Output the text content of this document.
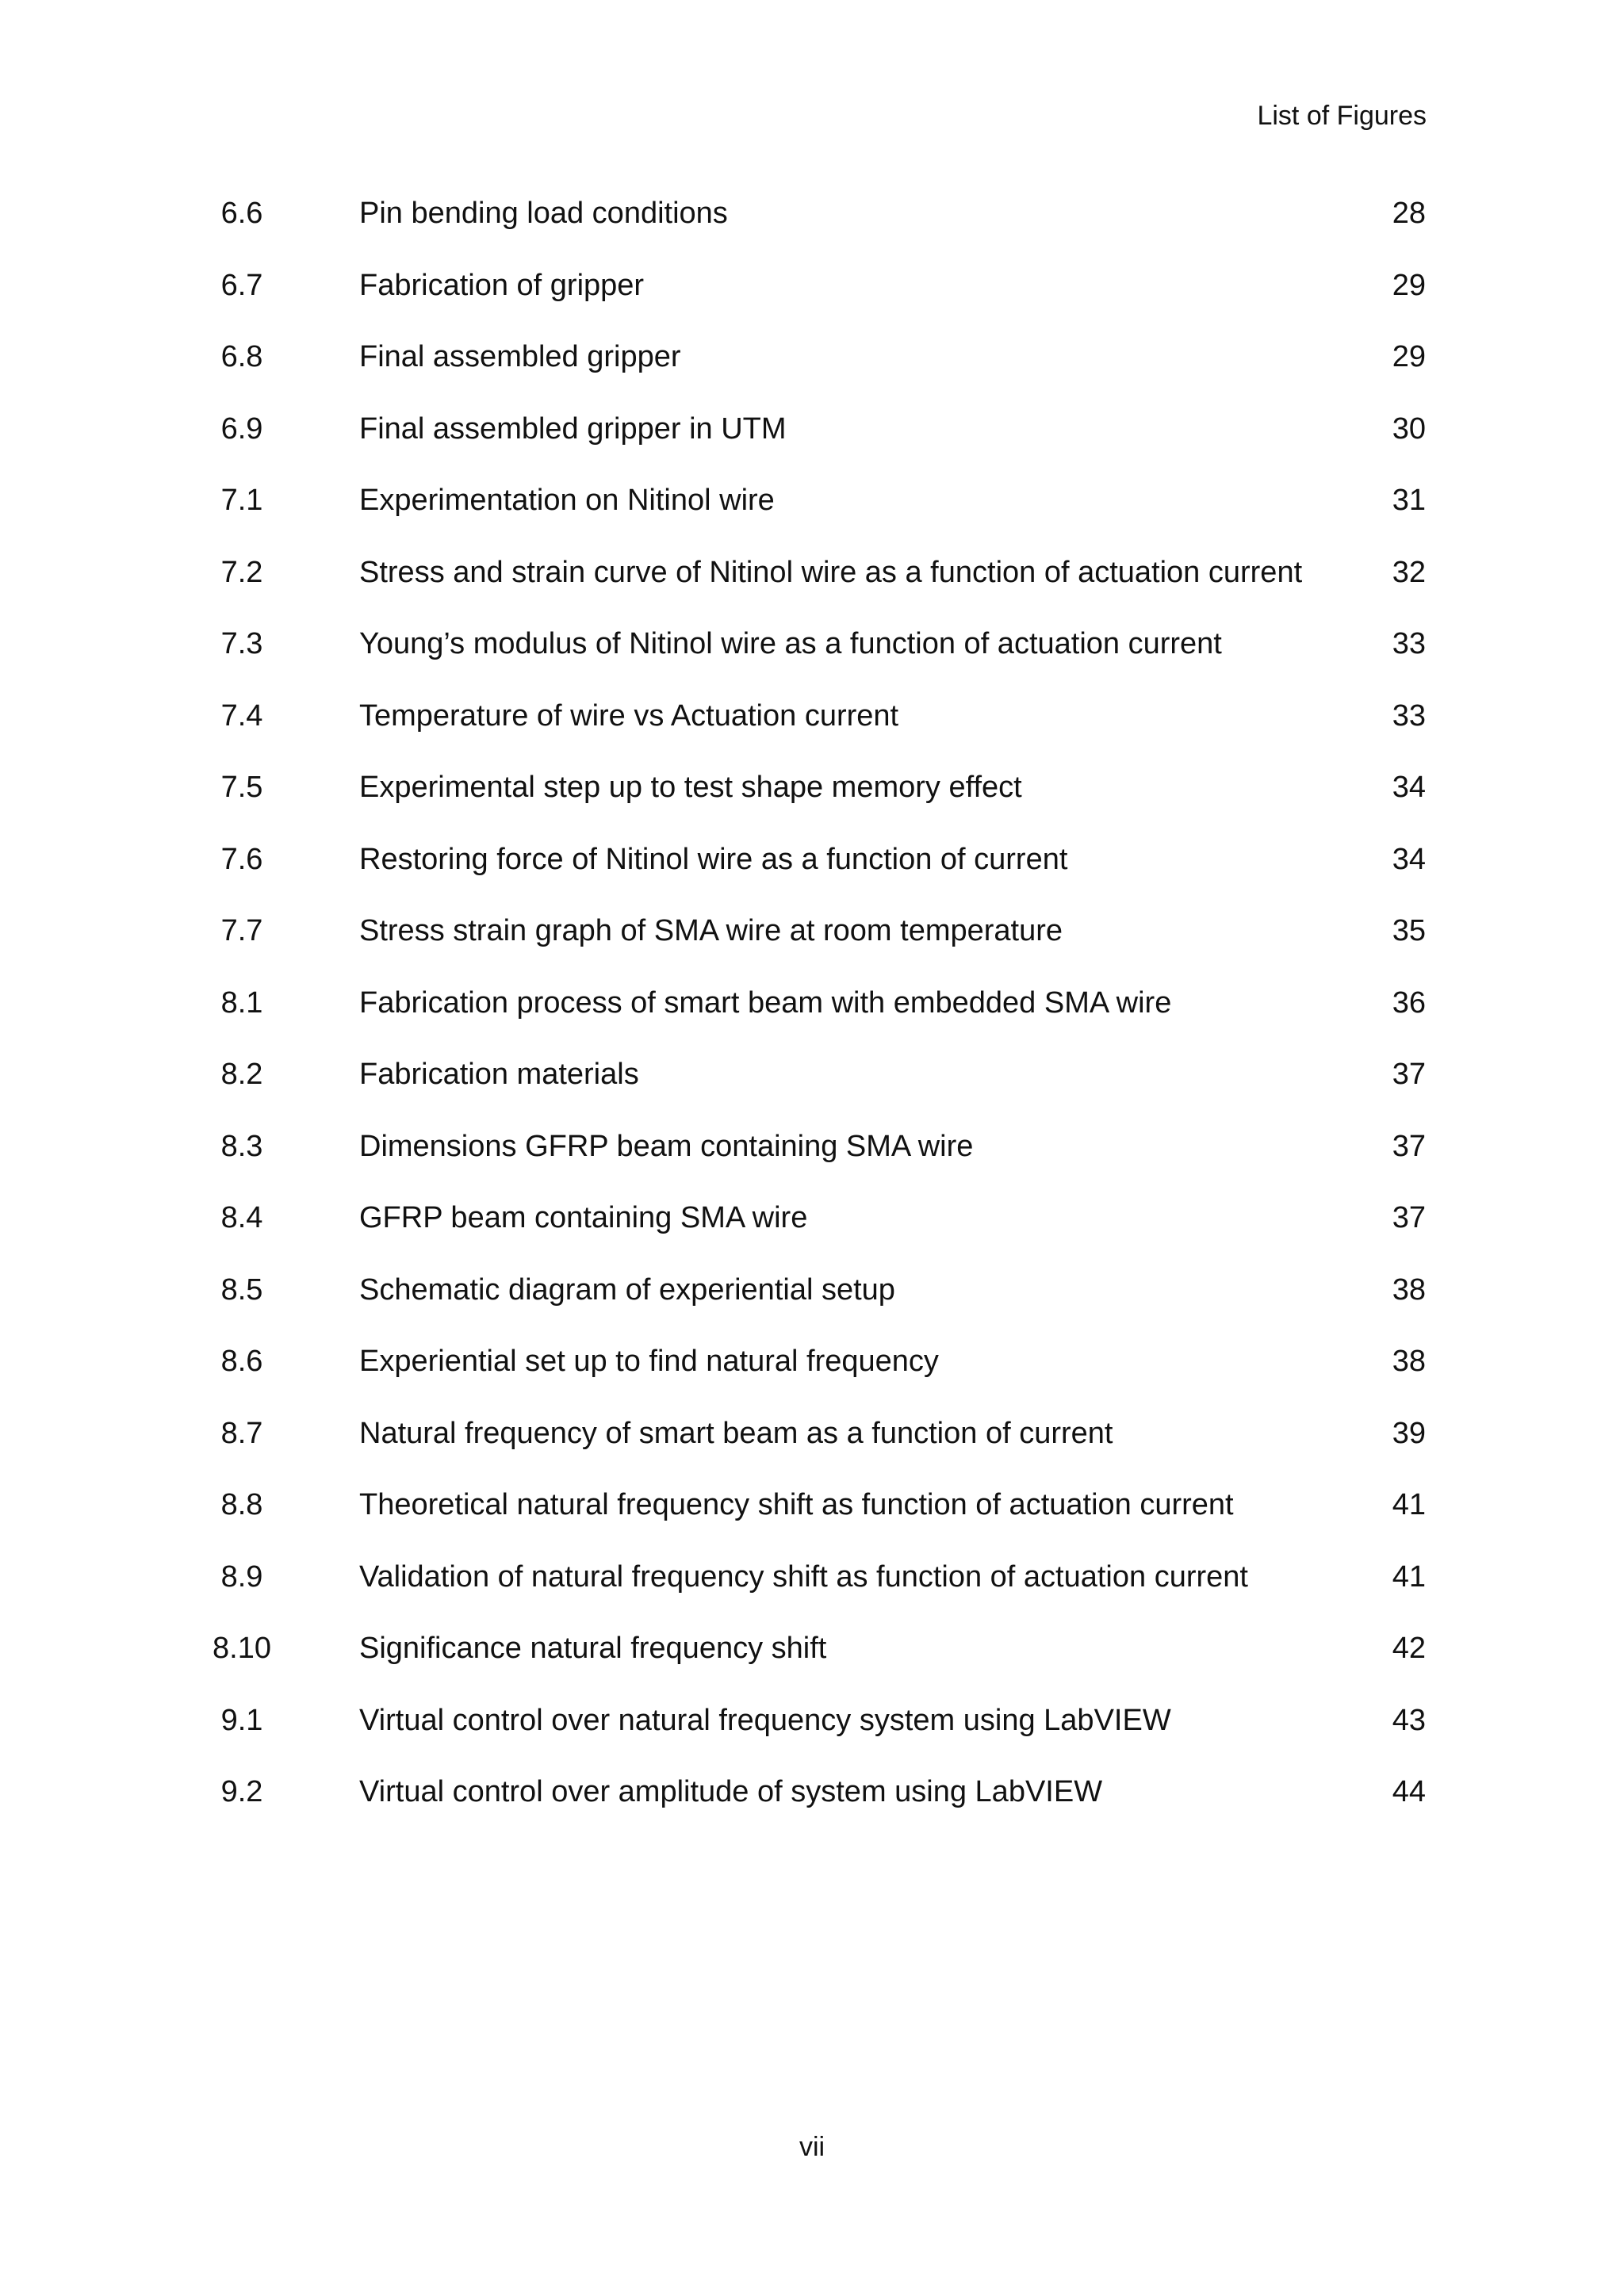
List of Figures
6.6	Pin bending load conditions	28
6.7	Fabrication of gripper	29
6.8	Final assembled gripper	29
6.9	Final assembled gripper in UTM	30
7.1	Experimentation on Nitinol wire	31
7.2	Stress and strain curve of Nitinol wire as a function of actuation current	32
7.3	Young’s modulus of Nitinol wire as a function of actuation current	33
7.4	Temperature of wire vs Actuation current	33
7.5	Experimental step up to test shape memory effect	34
7.6	Restoring force of Nitinol wire as a function of current	34
7.7	Stress strain graph of SMA wire at room temperature	35
8.1	Fabrication process of smart beam with embedded SMA wire	36
8.2	Fabrication materials	37
8.3	Dimensions GFRP beam containing SMA wire	37
8.4	GFRP beam containing SMA wire	37
8.5	Schematic diagram of experiential setup	38
8.6	Experiential set up to find natural frequency	38
8.7	Natural frequency of smart beam as a function of current	39
8.8	Theoretical natural frequency shift as function of actuation current	41
8.9	Validation of natural frequency shift as function of actuation current	41
8.10	Significance natural frequency shift	42
9.1	Virtual control over natural frequency system using LabVIEW	43
9.2	Virtual control over amplitude of system using LabVIEW	44
vii
